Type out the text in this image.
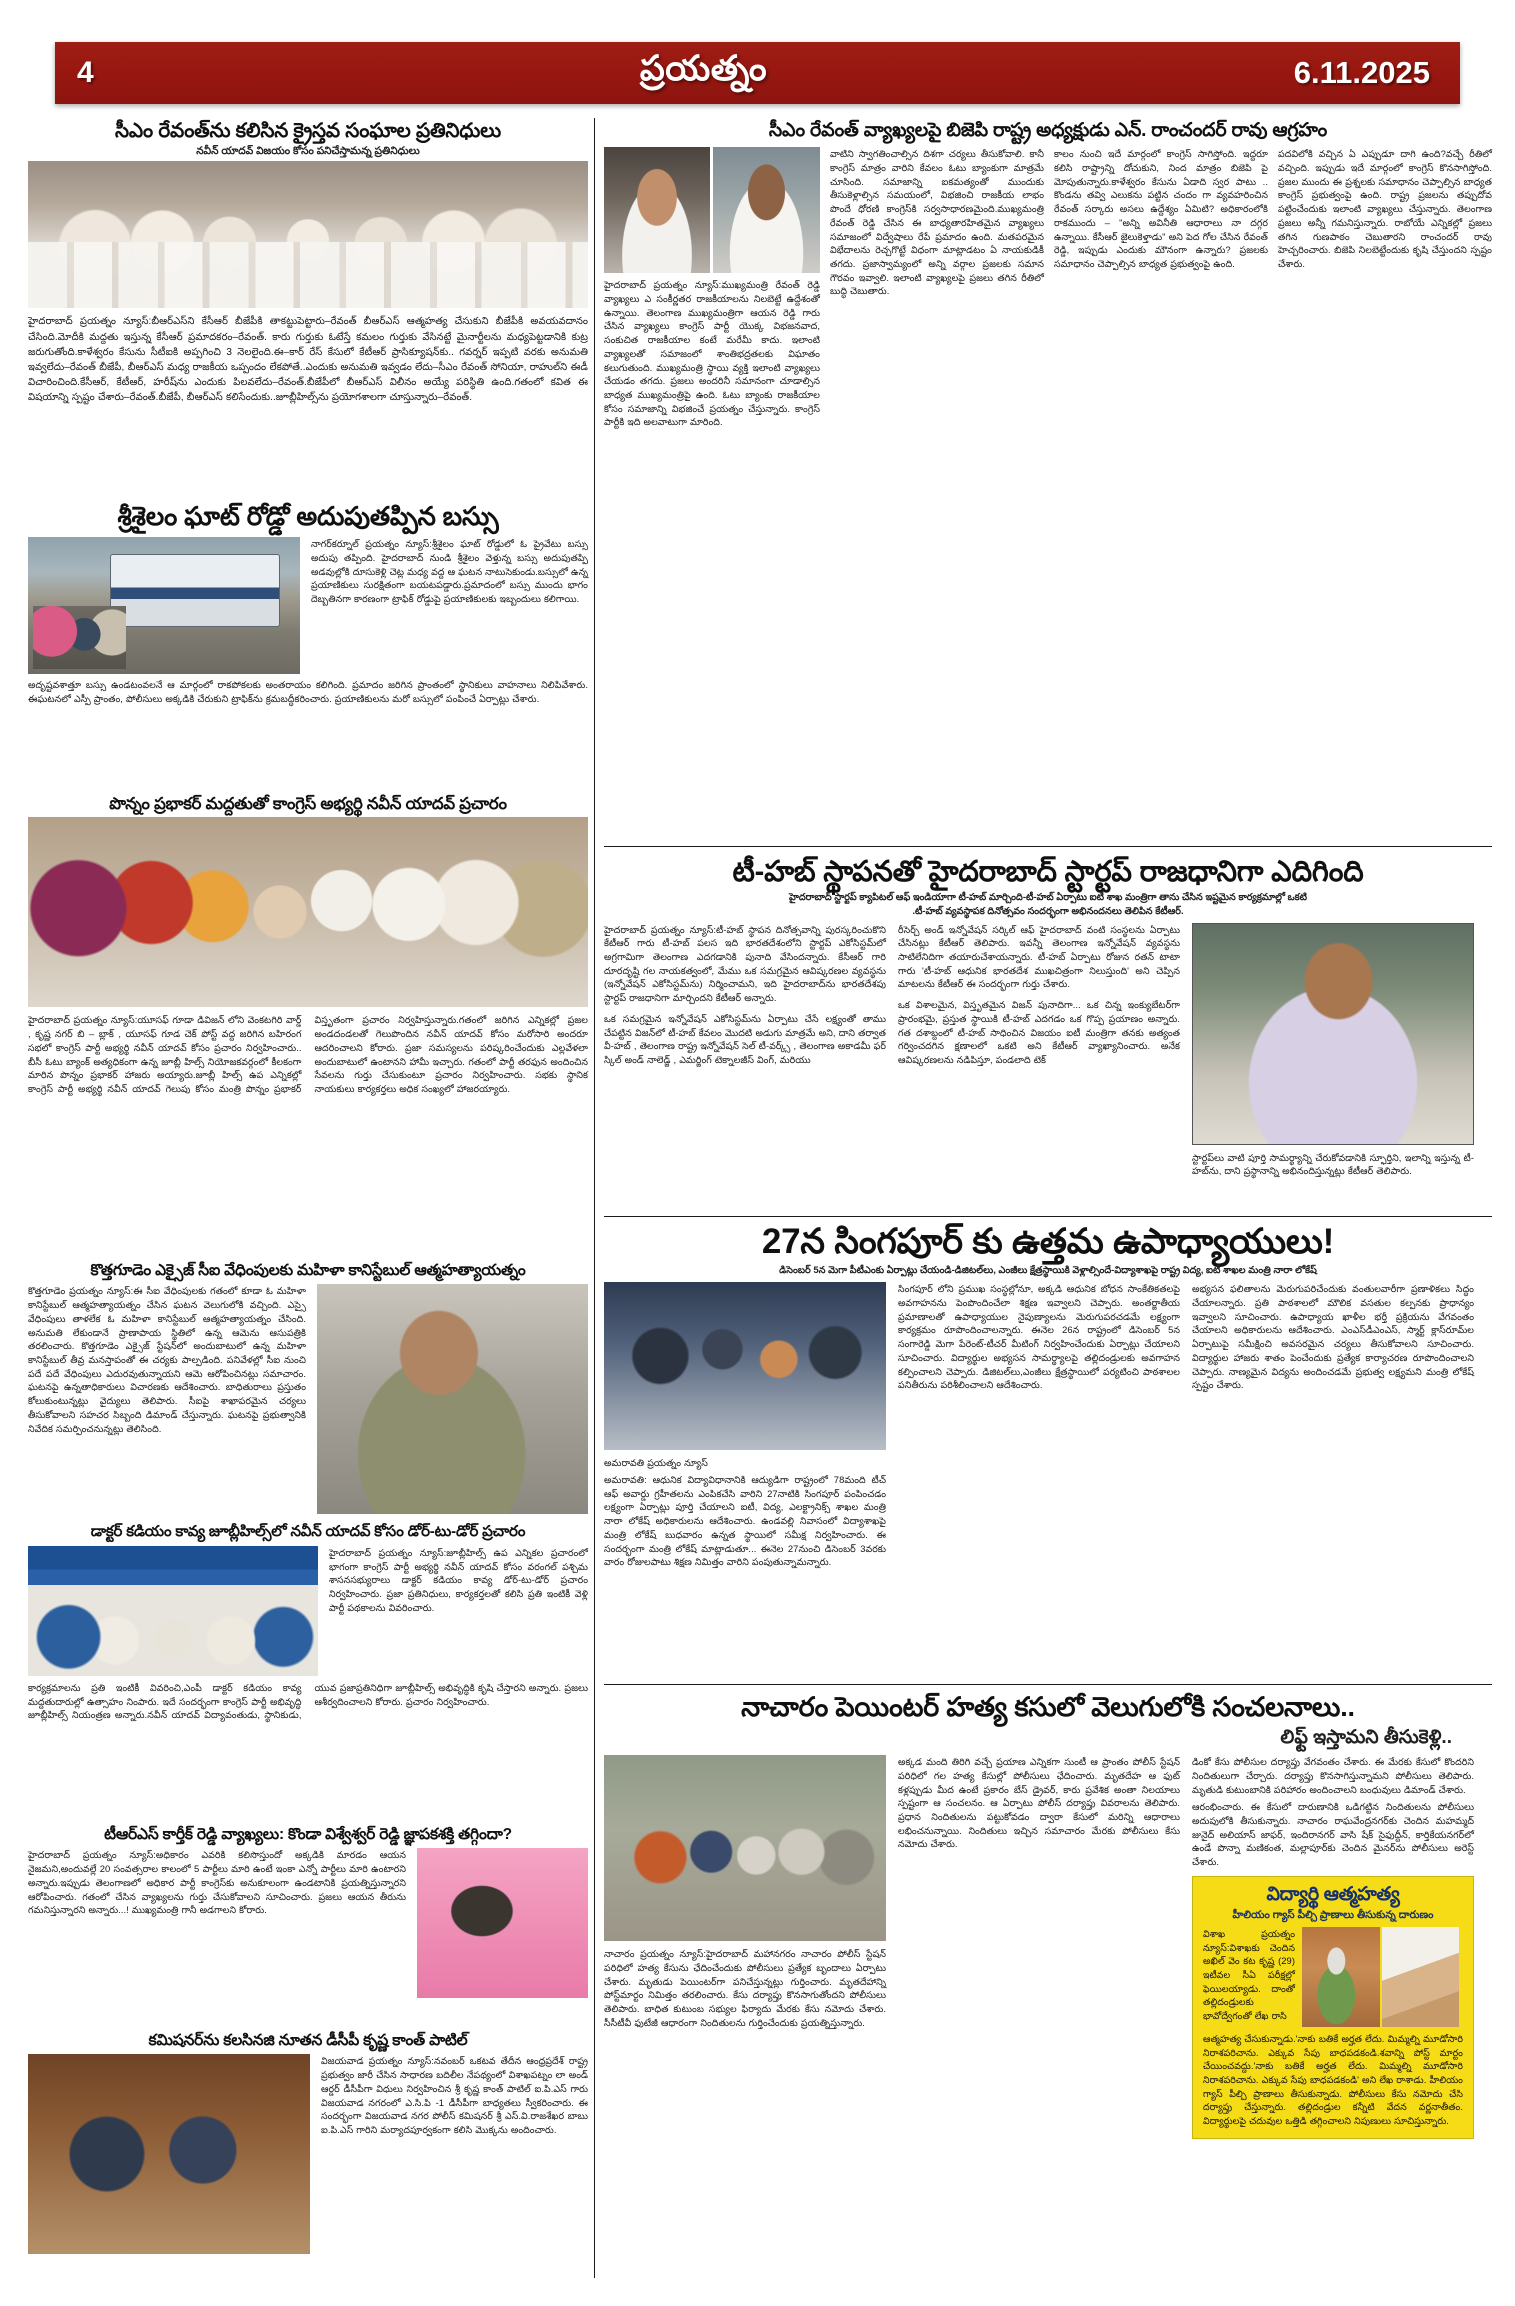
4	ప్రయత్నం	6.11.2025
సీఎం రేవంత్‌ను కలిసిన క్రైస్తవ సంఘాల ప్రతినిధులు
నవీన్ యాదవ్ విజయం కోసం పనిచేస్తామన్న ప్రతినిధులు
హైదరాబాద్ ప్రయత్నం న్యూస్:బీఆర్ఎస్‌ని కేసీఆర్ బీజేపీకి తాకట్టుపెట్టారు–రేవంత్ బీఆర్ఎస్ ఆత్మహత్య చేసుకుని బీజేపీకి అవయవదానం చేసింది.మోదీకి మద్దతు ఇస్తున్న కేసీఆర్ ప్రమాదకరం–రేవంత్. కారు గుర్తుకు ఓటేస్తే కమలం గుర్తుకు వేసినట్టే మైనార్టీలను మధ్యపెట్టడానికి కుట్ర జరుగుతోంది.కాళేశ్వరం కేసును సీటీఐకి అప్పగించి 3 నెలలైంది.ఈ–కార్ రేస్ కేసులో కేటీఆర్ ప్రాసిక్యూషన్‌కు.. గవర్నర్ ఇప్పటి వరకు అనుమతి ఇవ్వలేదు–రేవంత్ బీజేపీ, బీఆర్ఎస్ మధ్య రాజకీయ ఒప్పందం లేకపోతే..ఎందుకు అనుమతి ఇవ్వడం లేదు–సీఎం రేవంత్ సోనియా, రాహుల్‌ని ఈడీ విచారించింది.కేసీఆర్, కేటీఆర్, హరీష్‌ను ఎందుకు పిలవలేదు–రేవంత్.బీజేపీలో బీఆర్ఎస్ విలీనం అయ్యే పరిస్థితి ఉంది.గతంలో కవిత ఈ విషయాన్ని స్పష్టం చేశారు–రేవంత్.బీజేపీ, బీఆర్ఎస్ కలిసేందుకు..జూబ్లీహిల్స్‌ను ప్రయోగశాలగా చూస్తున్నారు–రేవంత్.
శ్రీశైలం ఘాట్ రోడ్డో అదుపుతప్పిన బస్సు
నాగర్‌కర్నూల్ ప్రయత్నం న్యూస్:శ్రీశైలం ఘాట్ రోడ్డులో ఓ ప్రైవేటు బస్సు అదుపు తప్పింది. హైదరాబాద్ నుండి శ్రీశైలం వెళ్తున్న బస్సు అదుపుతప్పి అడవుల్లోకి దూసుకెళ్లి చెట్ల మధ్య వద్ద ఆ ఘటన నాటుసెకుండు.బస్సులో ఉన్న ప్రయాణికులు సురక్షితంగా బయటపడ్డారు.ప్రమాదంలో బస్సు ముందు భాగం దెబ్బతినగా కారణంగా ట్రాఫిక్ రోడ్డుపై ప్రయాణికులకు ఇబ్బందులు కలిగాయి.
అదృష్టవశాత్తూ బస్సు ఉండటంవలనే ఆ మార్గంలో రాకపోకలకు అంతరాయం కలిగింది. ప్రమాదం జరిగిన ప్రాంతంలో స్థానికులు వాహనాలు నిలిపివేశారు. ఈఘటనలో ఎస్పీ ప్రాంతం, పోలీసులు అక్కడికి చేరుకుని ట్రాఫిక్‌ను క్రమబద్ధీకరించారు. ప్రయాణికులను మరో బస్సులో పంపించే ఏర్పాట్లు చేశారు.
పొన్నం ప్రభాకర్ మద్దతుతో కాంగ్రెస్ అభ్యర్థి నవీన్ యాదవ్ ప్రచారం
హైదరాబాద్ ప్రయత్నం న్యూస్:యూసఫ్ గూడా డివిజన్ లోని వెంకటగిరి వార్డ్ , కృష్ణ నగర్ బి – బ్లాక్ , యూసఫ్ గూడ చెక్ పోస్ట్ వద్ద జరిగిన బహిరంగ సభలో కాంగ్రెస్ పార్టీ అభ్యర్థి నవీన్ యాదవ్ కోసం ప్రచారం నిర్వహించారు.. బీసీ ఓటు బ్యాంక్ అత్యధికంగా ఉన్న జూబ్లీ హిల్స్ నియోజకవర్గంలో కీలకంగా మారిన పొన్నం ప్రభాకర్ హాజరు అయ్యారు.జూబ్లీ హిల్స్ ఉప ఎన్నికల్లో కాంగ్రెస్ పార్టీ అభ్యర్థి నవీన్ యాదవ్ గెలుపు కోసం మంత్రి పొన్నం ప్రభాకర్ విస్తృతంగా ప్రచారం నిర్వహిస్తున్నారు.గతంలో జరిగిన ఎన్నికల్లో ప్రజల అండదండలతో గెలుపొందిన నవీన్ యాదవ్ కోసం మరోసారి అందరూ ఆదరించాలని కోరారు. ప్రజా సమస్యలను పరిష్కరించేందుకు ఎల్లవేళలా అందుబాటులో ఉంటానని హామీ ఇచ్చారు. గతంలో పార్టీ తరఫున అందించిన సేవలను గుర్తు చేసుకుంటూ ప్రచారం నిర్వహించారు. సభకు స్థానిక నాయకులు కార్యకర్తలు అధిక సంఖ్యలో హాజరయ్యారు.
కొత్తగూడెం ఎక్సైజ్ సీఐ వేధింపులకు మహిళా కానిస్టేబుల్ ఆత్మహత్యాయత్నం
కొత్తగూడెం ప్రయత్నం న్యూస్:ఈ సీఐ వేధింపులకు గతంలో కూడా ఓ మహిళా కానిస్టేబుల్ ఆత్మహత్యాయత్నం చేసిన ఘటన వెలుగులోకి వచ్చింది. ఎస్సై వేధింపులు తాళలేక ఓ మహిళా కానిస్టేబుల్ ఆత్మహత్యాయత్నం చేసింది. అనుమతి లేకుండానే ప్రాణాపాయ స్థితిలో ఉన్న ఆమెను ఆసుపత్రికి తరలించారు. కొత్తగూడెం ఎక్సైజ్ స్టేషన్‌లో అందుబాటులో ఉన్న మహిళా కానిస్టేబుల్ తీవ్ర మనస్తాపంతో ఈ చర్యకు పాల్పడింది. పనివేళల్లో సీఐ నుంచి పదే పదే వేధింపులు ఎదురవుతున్నాయని ఆమె ఆరోపించినట్లు సమాచారం. ఘటనపై ఉన్నతాధికారులు విచారణకు ఆదేశించారు. బాధితురాలు ప్రస్తుతం కోలుకుంటున్నట్లు వైద్యులు తెలిపారు. సీఐపై శాఖాపరమైన చర్యలు తీసుకోవాలని సహచర సిబ్బంది డిమాండ్ చేస్తున్నారు. ఘటనపై ప్రభుత్వానికి నివేదిక సమర్పించనున్నట్లు తెలిసింది.
డాక్టర్ కడియం కావ్య జూబ్లీహిల్స్‌లో నవీన్ యాదవ్ కోసం డోర్-టు-డోర్ ప్రచారం
హైదరాబాద్ ప్రయత్నం న్యూస్:జూబ్లీహిల్స్ ఉప ఎన్నికల ప్రచారంలో భాగంగా కాంగ్రెస్ పార్టీ అభ్యర్థి నవీన్ యాదవ్ కోసం వరంగల్ పశ్చిమ శాసనసభ్యురాలు డాక్టర్ కడియం కావ్య డోర్-టు-డోర్ ప్రచారం నిర్వహించారు. ప్రజా ప్రతినిధులు, కార్యకర్తలతో కలిసి ప్రతి ఇంటికీ వెళ్లి పార్టీ పథకాలను వివరించారు.
కార్యక్రమాలను ప్రతి ఇంటికీ వివరించి,ఎంపీ డాక్టర్ కడియం కావ్య మద్దతుదారుల్లో ఉత్సాహం నింపారు. ఇదే సందర్భంగా కాంగ్రెస్ పార్టీ అభివృద్ధి జూబ్లీహిల్స్ నియంత్రణ అన్నారు.నవీన్ యాదవ్ విద్యావంతుడు, స్థానికుడు, యువ ప్రజాప్రతినిధిగా జూబ్లీహిల్స్ అభివృద్ధికి కృషి చేస్తారని అన్నారు. ప్రజలు ఆశీర్వదించాలని కోరారు. ప్రచారం నిర్వహించారు.
టీఆర్ఎస్ కార్తీక్ రెడ్డి వ్యాఖ్యలు: కొండా విశ్వేశ్వర్ రెడ్డి జ్ఞాపకశక్తి తగ్గిందా?
హైదరాబాద్ ప్రయత్నం న్యూస్:అధికారం ఎవరికి కలిసొస్తుందో అక్కడికి మారడం ఆయన నైజమని,అందువల్లే 20 సంవత్సరాల కాలంలో 5 పార్టీలు మారి ఉంటే ఇంకా ఎన్నో పార్టీలు మారి ఉంటారని అన్నారు.ఇప్పుడు తెలంగాణలో అధికార పార్టీ కాంగ్రెస్‌కు అనుకూలంగా ఉండటానికి ప్రయత్నిస్తున్నారని ఆరోపించారు. గతంలో చేసిన వ్యాఖ్యలను గుర్తు చేసుకోవాలని సూచించారు. ప్రజలు ఆయన తీరును గమనిస్తున్నారని అన్నారు...! ముఖ్యమంత్రి గానీ అడగాలని కోరారు.
కమిషనర్‌ను కలసినజి నూతన డీసీపీ కృష్ణ కాంత్ పాటిల్
విజయవాడ ప్రయత్నం న్యూస్:నవంబర్ ఒకటవ తేదీన ఆంధ్రప్రదేశ్ రాష్ట్ర ప్రభుత్వం జారీ చేసిన సాధారణ బదిలీల నేపథ్యంలో విశాఖపట్నం లా అండ్ ఆర్డర్ డీసీపీగా విధులు నిర్వహించిన శ్రీ కృష్ణ కాంత్ పాటిల్ ఐ.పి.ఎస్ గారు విజయవాడ నగరంలో ఎ.సి.పి -1 డీసీపీగా బాధ్యతలు స్వీకరించారు. ఈ సందర్భంగా విజయవాడ నగర పోలీస్ కమిషనర్ శ్రీ ఎస్.వి.రాజశేఖర బాబు ఐ.పి.ఎస్ గారిని మర్యాదపూర్వకంగా కలిసి మొక్కను అందించారు.
సీఎం రేవంత్ వ్యాఖ్యలపై బిజెపి రాష్ట్ర అధ్యక్షుడు ఎన్. రాంచందర్ రావు ఆగ్రహం
హైదరాబాద్ ప్రయత్నం న్యూస్:ముఖ్యమంత్రి రేవంత్ రెడ్డి వ్యాఖ్యలు ఎ సంకీర్ణతర రాజకీయాలను నిలబెట్టే ఉద్దేశంతో ఉన్నాయి. తెలంగాణ ముఖ్యమంత్రిగా ఆయన రెడ్డి గారు చేసిన వ్యాఖ్యలు కాంగ్రెస్ పార్టీ యొక్క విభజనవాద, సంకుచిత రాజకీయాల కంటే మరేమీ కాదు. ఇలాంటి వ్యాఖ్యలతో సమాజంలో శాంతిభద్రతలకు విఘాతం కలుగుతుంది. ముఖ్యమంత్రి స్థాయి వ్యక్తి ఇలాంటి వ్యాఖ్యలు చేయడం తగదు. ప్రజలు అందరినీ సమానంగా చూడాల్సిన బాధ్యత ముఖ్యమంత్రిపై ఉంది. ఓటు బ్యాంకు రాజకీయాల కోసం సమాజాన్ని విభజించే ప్రయత్నం చేస్తున్నారు. కాంగ్రెస్ పార్టీకి ఇది అలవాటుగా మారింది.
వాటిని స్వాగతించాల్సిన దిశగా చర్యలు తీసుకోవాలి. కానీ కాంగ్రెస్ మాత్రం వారిని కేవలం ఓటు బ్యాంకుగా మాత్రమే చూసింది. సమాజాన్ని ఐకమత్యంతో ముందుకు తీసుకెళ్లాల్సిన సమయంలో, విభజించి రాజకీయ లాభం పొందే ధోరణి కాంగ్రెస్‌కి సర్వసాధారణమైంది.ముఖ్యమంత్రి రేవంత్ రెడ్డి చేసిన ఈ బాధ్యతారహితమైన వ్యాఖ్యలు సమాజంలో విద్వేషాలు రేపే ప్రమాదం ఉంది. మతపరమైన విభేదాలను రెచ్చగొట్టే విధంగా మాట్లాడటం ఏ నాయకుడికీ తగదు. ప్రజాస్వామ్యంలో అన్ని వర్గాల ప్రజలకు సమాన గౌరవం ఇవ్వాలి. ఇలాంటి వ్యాఖ్యలపై ప్రజలు తగిన రీతిలో బుద్ధి చెబుతారు.
కాలం నుంచి ఇదే మార్గంలో కాంగ్రెస్ సాగిస్తోంది. ఇద్దరూ కలిసి రాష్ట్రాన్ని దోచుకుని, నింద మాత్రం బిజెపి పై మోపుతున్నారు.కాళేశ్వరం కేసును ఏడాది స్వర పాటు .. కొండను తవ్వి ఎలుకను పట్టిన చందం గా వ్యవహరించిన రేవంత్ సర్కారు అసలు ఉద్దేశ్యం ఏమిటి? అధికారంలోకి రాకముందు – "అన్ని అవినీతి ఆధారాలు నా దగ్గర ఉన్నాయి. కేసీఆర్ జైలుకెళ్తాడు" అని పెద గోల చేసిన రేవంత్ రెడ్డి, ఇప్పుడు ఎందుకు మౌనంగా ఉన్నారు? ప్రజలకు సమాధానం చెప్పాల్సిన బాధ్యత ప్రభుత్వంపై ఉంది.
పదవిలోకి వచ్చిన ఏ ఎప్పుడూ దాగి ఉంది?వచ్చే రీతిలో వచ్చింది. ఇప్పుడు ఇదే మార్గంలో కాంగ్రెస్ కొనసాగిస్తోంది. ప్రజల ముందు ఈ ప్రశ్నలకు సమాధానం చెప్పాల్సిన బాధ్యత కాంగ్రెస్ ప్రభుత్వంపై ఉంది. రాష్ట్ర ప్రజలను తప్పుదోవ పట్టించేందుకు ఇలాంటి వ్యాఖ్యలు చేస్తున్నారు. తెలంగాణ ప్రజలు అన్నీ గమనిస్తున్నారు. రాబోయే ఎన్నికల్లో ప్రజలు తగిన గుణపాఠం చెబుతారని రాంచందర్ రావు హెచ్చరించారు. బిజెపి నిలబెట్టేందుకు కృషి చేస్తుందని స్పష్టం చేశారు.
టీ-హబ్ స్థాపనతో హైదరాబాద్ స్టార్టప్ రాజధానిగా ఎదిగింది
హైదరాబాద్ స్టార్టప్ క్యాపిటల్ ఆఫ్ ఇండియాగా టీ-హబ్ మార్చింది-టీ-హబ్ ఏర్పాటు ఐటీ శాఖ మంత్రిగా తాను చేసిన ఇష్టమైన కార్యక్రమాల్లో ఒకటి
.టీ-హబ్ వ్యవస్థాపక దినోత్సవం సందర్భంగా అభినందనలు తెలిపిన కేటీఆర్.
హైదరాబాద్ ప్రయత్నం న్యూస్:టీ-హబ్ స్థాపన దినోత్సవాన్ని పురస్కరించుకొని కేటీఆర్ గారు టీ-హబ్ పలస ఇది భారతదేశంలోని స్టార్టప్ ఎకోసిస్టమ్‌లో అగ్రగామిగా తెలంగాణ ఎదగడానికి పునాది వేసిందన్నారు. కేసీఆర్ గారి దూరదృష్టి గల నాయకత్వంలో, మేము ఒక సమగ్రమైన ఆవిష్కరణల వ్యవస్థను (ఇన్నోవేషన్ ఎకోసిస్టమ్‌ను) నిర్మించామని, ఇది హైదరాబాద్‌ను భారతదేశపు స్టార్టప్ రాజధానిగా మార్చిందని కేటీఆర్ అన్నారు.
ఒక సమగ్రమైన ఇన్నోవేషన్ ఎకోసిస్టమ్‌ను ఏర్పాటు చేసే లక్ష్యంతో తాము చేపట్టిన విజన్‌లో టీ-హబ్ కేవలం మొదటి అడుగు మాత్రమే అని, దాని తర్వాత వీ-హబ్ , తెలంగాణ రాష్ట్ర ఇన్నోవేషన్ సెల్ టీ-వర్క్స్ , తెలంగాణ అకాడమీ ఫర్ స్కిల్ అండ్ నాలెడ్జ్ , ఎమర్జింగ్ టెక్నాలజీస్ వింగ్, మరియు
రీసెర్చ్ అండ్ ఇన్నోవేషన్ సర్కిల్ ఆఫ్ హైదరాబాద్ వంటి సంస్థలను ఏర్పాటు చేసినట్లు కేటీఆర్ తెలిపారు. ఇవన్నీ తెలంగాణ ఇన్నోవేషన్ వ్యవస్థను సాటిలేనిదిగా తయారుచేశాయన్నారు. టీ-హబ్ ఏర్పాటు రోజున రతన్ టాటా గారు 'టీ-హబ్ ఆధునిక భారతదేశ ముఖచిత్రంగా నిలుస్తుంది' అని చెప్పిన మాటలను కేటీఆర్ ఈ సందర్భంగా గుర్తు చేశారు.
ఒక విశాలమైన, విస్తృతమైన విజన్ పునాదిగా... ఒక చిన్న ఇంక్యుబేటర్‌గా ప్రారంభమై, ప్రస్తుత స్థాయికి టీ-హబ్ ఎదగడం ఒక గొప్ప ప్రయాణం అన్నారు. గత దశాబ్దంలో టీ-హబ్ సాధించిన విజయం ఐటీ మంత్రిగా తనకు అత్యంత గర్వించదగిన క్షణాలలో ఒకటి అని కేటీఆర్ వ్యాఖ్యానించారు. అనేక ఆవిష్కరణలను నడిపిస్తూ, పండలాది టెక్
స్టార్టప్‌లు వాటి పూర్తి సామర్థ్యాన్ని చేరుకోవడానికి స్ఫూర్తిని, ఇలాన్ని ఇస్తున్న టీ-హబ్‌ను, దాని ప్రస్థానాన్ని అభినందిస్తున్నట్లు కేటీఆర్ తెలిపారు.
27న సింగపూర్ కు ఉత్తమ ఉపాధ్యాయులు!
డిసెంబర్ 5న మెగా పీటీఎంకు ఏర్పాట్లు చేయండి-డిజిటల్‌లు, ఎంజీలు క్షేత్రస్థాయికి వెళ్లాల్సిందే-విద్యాశాఖపై రాష్ట్ర విద్య, ఐటీ శాఖల మంత్రి నారా లోకేష్
అమరావతి ప్రయత్నం న్యూస్
అమరావతి: ఆధునిక విద్యావిధానానికి ఆద్యుడిగా రాష్ట్రంలో 78మంది టీచ్ ఆఫ్ అవార్డు గ్రహీతలను ఎంపికచేసి వారిని 27నాటికి సింగపూర్ పంపించడం లక్ష్యంగా ఏర్పాట్లు పూర్తి చేయాలని ఐటీ, విద్య, ఎలక్ట్రానిక్స్ శాఖల మంత్రి నారా లోకేష్ అధికారులను ఆదేశించారు. ఉండవల్లి నివాసంలో విద్యాశాఖపై మంత్రి లోకేష్ బుధవారం ఉన్నత స్థాయిలో సమీక్ష నిర్వహించారు. ఈ సందర్భంగా మంత్రి లోకేష్ మాట్లాడుతూ... ఈనెల 27నుంచి డిసెంబర్ 3వరకు వారం రోజులపాటు శిక్షణ నిమిత్తం వారిని పంపుతున్నామన్నారు.
సింగపూర్ లోని ప్రముఖ సంస్థల్లోనూ, అక్కడి ఆధునిక బోధన సాంకేతికతలపై అవగాహనను పెంపొందించేలా శిక్షణ ఇవ్వాలని చెప్పారు. అంతర్జాతీయ ప్రమాణాలతో ఉపాధ్యాయుల నైపుణ్యాలను మెరుగుపరచడమే లక్ష్యంగా కార్యక్రమం రూపొందించాలన్నారు. ఈనెల 26న రాష్ట్రంలో డిసెంబర్ 5న సంగారెడ్డి మెగా పేరెంట్-టీచర్ మీటింగ్ నిర్వహించేందుకు ఏర్పాట్లు చేయాలని సూచించారు. విద్యార్థుల అభ్యసన సామర్థ్యాలపై తల్లిదండ్రులకు అవగాహన కల్పించాలని చెప్పారు. డిజిటల్‌లు,ఎంజీలు క్షేత్రస్థాయిలో పర్యటించి పాఠశాలల పనితీరును పరిశీలించాలని ఆదేశించారు.
అభ్యసన ఫలితాలను మెరుగుపరిచేందుకు వంతులవారీగా ప్రణాళికలు సిద్ధం చేయాలన్నారు. ప్రతి పాఠశాలలో మౌలిక వసతుల కల్పనకు ప్రాధాన్యం ఇవ్వాలని సూచించారు. ఉపాధ్యాయ ఖాళీల భర్తీ ప్రక్రియను వేగవంతం చేయాలని అధికారులను ఆదేశించారు. ఎంఎస్‌డీఎంఎస్, స్మార్ట్ క్లాస్‌రూమ్‌ల ఏర్పాటుపై సమీక్షించి అవసరమైన చర్యలు తీసుకోవాలని సూచించారు. విద్యార్థుల హాజరు శాతం పెంచేందుకు ప్రత్యేక కార్యాచరణ రూపొందించాలని చెప్పారు. నాణ్యమైన విద్యను అందించడమే ప్రభుత్వ లక్ష్యమని మంత్రి లోకేష్ స్పష్టం చేశారు.
నాచారం పెయింటర్ హత్య కసులో వెలుగులోకి సంచలనాలు..
లిఫ్ట్ ఇస్తామని తీసుకెళ్లి..
నాచారం ప్రయత్నం న్యూస్:హైదరాబాద్ మహానగరం నాచారం పోలీస్ స్టేషన్ పరిధిలో హత్య కేసును ఛేదించేందుకు పోలీసులు ప్రత్యేక బృందాలు ఏర్పాటు చేశారు. మృతుడు పెయింటర్‌గా పనిచేస్తున్నట్లు గుర్తించారు. మృతదేహాన్ని పోస్ట్‌మార్టం నిమిత్తం తరలించారు. కేసు దర్యాప్తు కొనసాగుతోందని పోలీసులు తెలిపారు. బాధిత కుటుంబ సభ్యుల ఫిర్యాదు మేరకు కేసు నమోదు చేశారు. సీసీటీవీ ఫుటేజీ ఆధారంగా నిందితులను గుర్తించేందుకు ప్రయత్నిస్తున్నారు.
అక్కడ మంది తిరిగి వచ్చే ప్రయాణ ఎన్నికగా సుంటీ ఆ ప్రాంతం పోలీస్ స్టేషన్ పరిధిలో గల హత్య కేసుల్లో పోలీసులు ఛేదించారు. మృతదేహ ఆ ఫుట్ కళ్లప్పుడు మీద ఉంటే ప్రకారం బేస్ డ్రైవర్, కారు ప్రవేశిక అంతా నిలయాలు స్పష్టంగా ఆ సంచలనం. ఆ ఏర్పాటు పోలీస్ దర్యాప్తు వివరాలను తెలిపారు. ప్రధాన నిందితులను పట్టుకోవడం ద్వారా కేసులో మరిన్ని ఆధారాలు లభించనున్నాయి. నిందితులు ఇచ్చిన సమాచారం మేరకు పోలీసులు కేసు నమోదు చేశారు.
డింకో కేసు పోలీసుల దర్యాప్తు వేగవంతం చేశారు. ఈ మేరకు కేసులో కొందరిని నిందితులుగా చేర్చారు. దర్యాప్తు కొనసాగిస్తున్నామని పోలీసులు తెలిపారు. మృతుడి కుటుంబానికి పరిహారం అందించాలని బంధువులు డిమాండ్ చేశారు.
ఆరంభించారు. ఈ కేసులో దారుణానికి ఒడిగట్టిన నిందితులను పోలీసులు అదుపులోకి తీసుకున్నారు. నాచారం రాఘవేంద్రనగర్‌కు చెందిన మహమ్మద్ జునైద్ అలియాస్ జాఫర్, ఇందిరానగర్ వాసి షేక్ సైఫుద్దీన్, కార్తికేయనగర్‌లో ఉండే పొన్నా మణికంత, మల్లాపూర్‌కు చెందిన మైనర్‌ను పోలీసులు అరెస్ట్ చేశారు.
విద్యార్థి ఆత్మహత్య
హీలియం గ్యాస్ పీల్చి ప్రాణాలు తీసుకున్న దారుణం
విశాఖ ప్రయత్నం న్యూస్:విశాఖకు చెందిన అఖిల్ వెం కట కృష్ణ (29) ఇటీవల సీఏ పరీక్షల్లో ఫెయిలయ్యాడు. దాంతో తల్లిదండ్రులకు భావోద్వేగంతో లేఖ రాసి
ఆత్మహత్య చేసుకున్నాడు.'నాకు బతికే అర్హత లేదు. మిమ్మల్ని మూడోసారి నిరాశపరిచాను. ఎక్కువ సేపు బాధపడకండి.శవాన్ని పోస్ట్ మార్టం చేయించవద్దు.'నాకు బతికే అర్హత లేదు. మిమ్మల్ని మూడోసారి నిరాశపరిచాను. ఎక్కువ సేపు బాధపడకండి' అని లేఖ రాశాడు. హీలియం గ్యాస్ పీల్చి ప్రాణాలు తీసుకున్నాడు. పోలీసులు కేసు నమోదు చేసి దర్యాప్తు చేస్తున్నారు. తల్లిదండ్రుల కన్నీటి వేదన వర్ణనాతీతం. విద్యార్థులపై చదువుల ఒత్తిడి తగ్గించాలని నిపుణులు సూచిస్తున్నారు.
